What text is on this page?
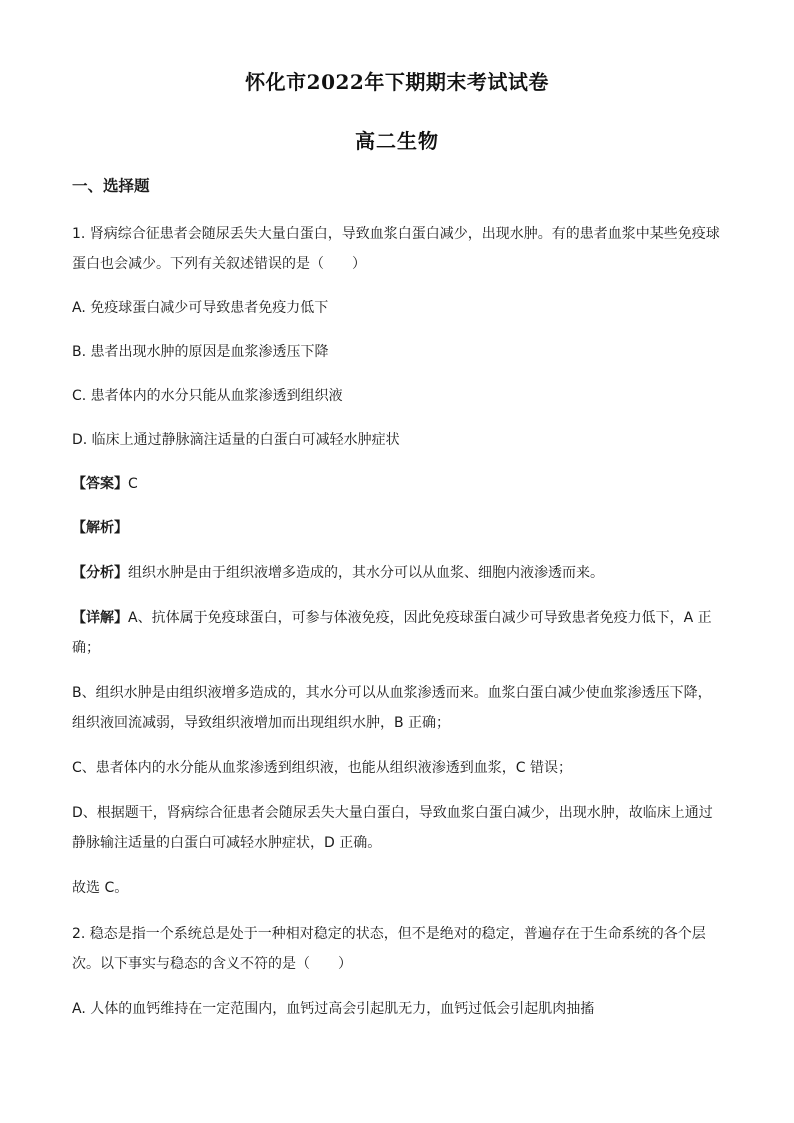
怀化市2022年下期期末考试试卷
高二生物
一、选择题
1. 肾病综合征患者会随尿丢失大量白蛋白，导致血浆白蛋白减少，出现水肿。有的患者血浆中某些免疫球
蛋白也会减少。下列有关叙述错误的是（　　）
A. 免疫球蛋白减少可导致患者免疫力低下
B. 患者出现水肿的原因是血浆渗透压下降
C. 患者体内的水分只能从血浆渗透到组织液
D. 临床上通过静脉滴注适量的白蛋白可减轻水肿症状
【答案】C
【解析】
【分析】组织水肿是由于组织液增多造成的，其水分可以从血浆、细胞内液渗透而来。
【详解】A、抗体属于免疫球蛋白，可参与体液免疫，因此免疫球蛋白减少可导致患者免疫力低下，A 正
确；
B、组织水肿是由组织液增多造成的，其水分可以从血浆渗透而来。血浆白蛋白减少使血浆渗透压下降，
组织液回流减弱，导致组织液增加而出现组织水肿，B 正确；
C、患者体内的水分能从血浆渗透到组织液，也能从组织液渗透到血浆，C 错误；
D、根据题干，肾病综合征患者会随尿丢失大量白蛋白，导致血浆白蛋白减少，出现水肿，故临床上通过
静脉输注适量的白蛋白可减轻水肿症状，D 正确。
故选 C。
2. 稳态是指一个系统总是处于一种相对稳定的状态，但不是绝对的稳定，普遍存在于生命系统的各个层
次。以下事实与稳态的含义不符的是（　　）
A. 人体的血钙维持在一定范围内，血钙过高会引起肌无力，血钙过低会引起肌肉抽搐
